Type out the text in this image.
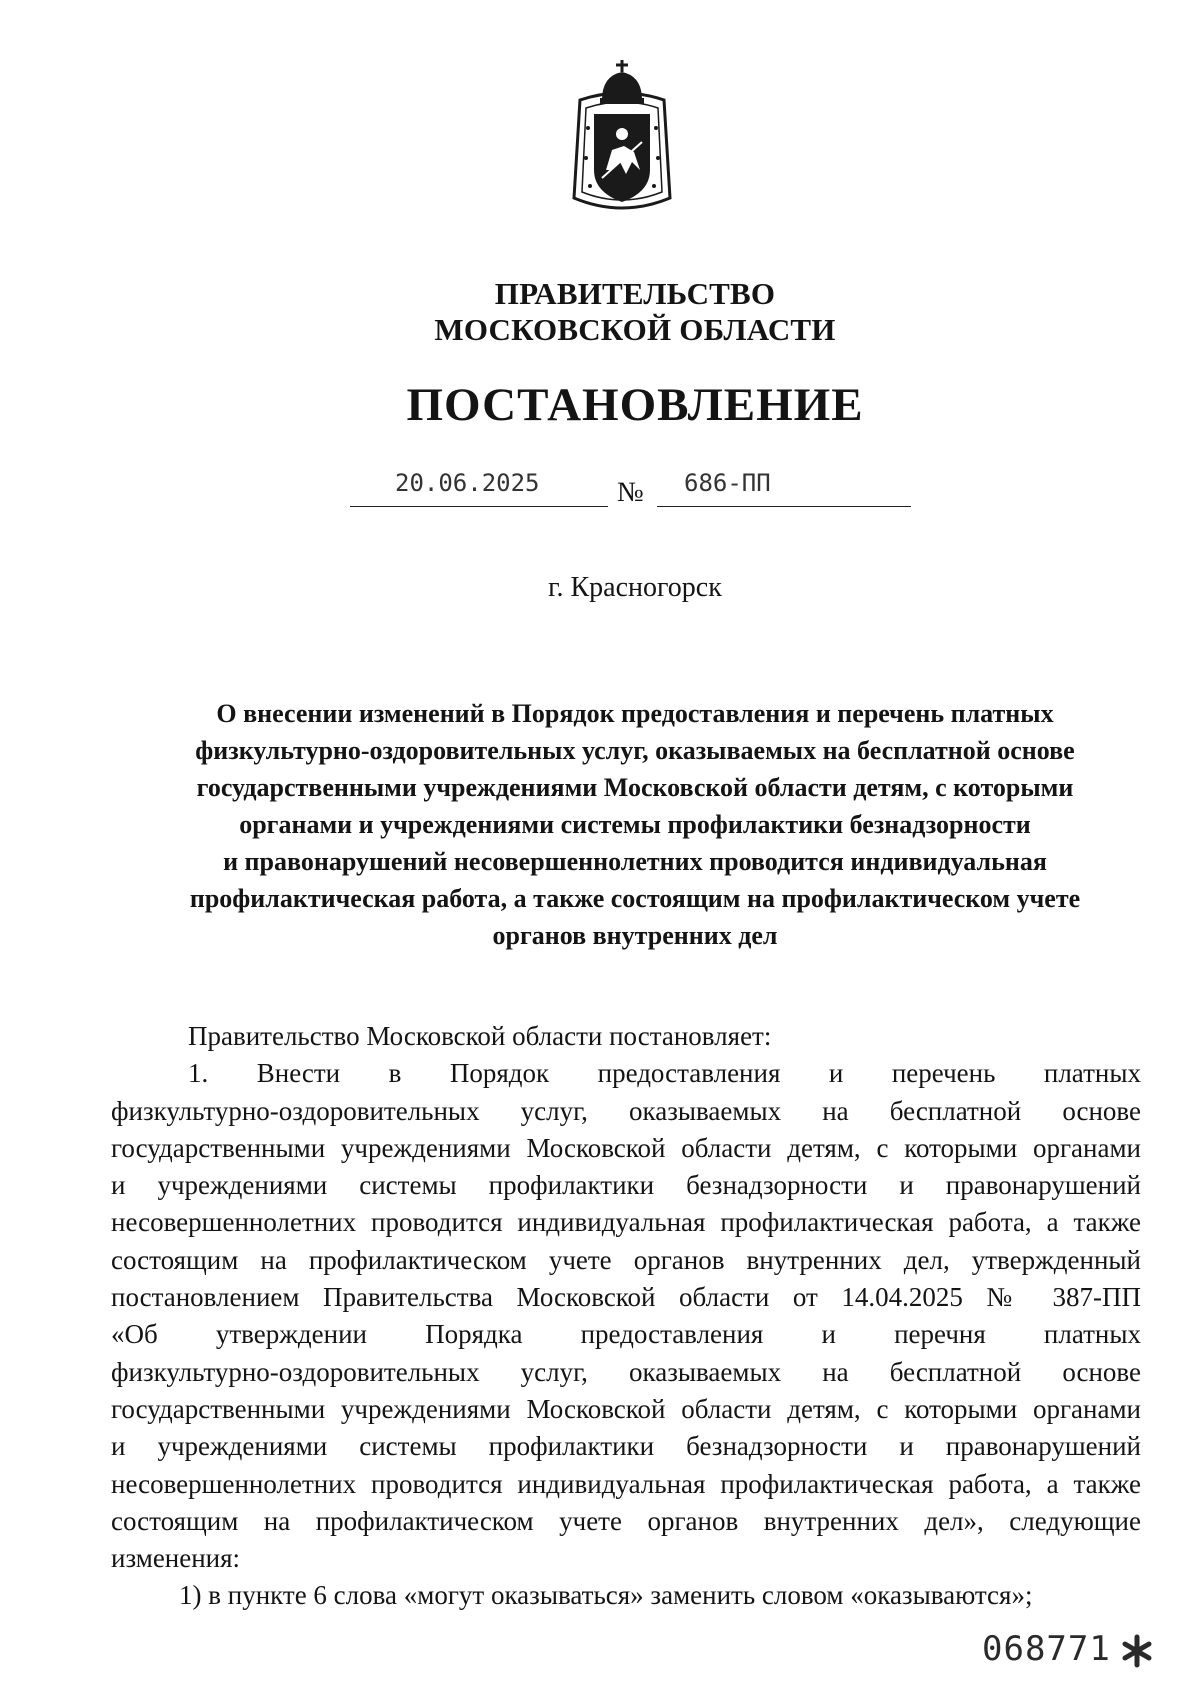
ПРАВИТЕЛЬСТВО
МОСКОВСКОЙ ОБЛАСТИ
ПОСТАНОВЛЕНИЕ
20.06.2025	№ 686-ПП
г. Красногорск
О внесении изменений в Порядок предоставления и перечень платных
физкультурно-оздоровительных услуг, оказываемых на бесплатной основе
государственными учреждениями Московской области детям, с которыми
органами и учреждениями системы профилактики безнадзорности
и правонарушений несовершеннолетних проводится индивидуальная
профилактическая работа, а также состоящим на профилактическом учете
органов внутренних дел
Правительство Московской области постановляет:
1. Внести в Порядок предоставления и перечень платных
физкультурно-оздоровительных услуг, оказываемых на бесплатной основе
государственными учреждениями Московской области детям, с которыми органами
и учреждениями системы профилактики безнадзорности и правонарушений
несовершеннолетних проводится индивидуальная профилактическая работа, а также
состоящим на профилактическом учете органов внутренних дел, утвержденный
постановлением Правительства Московской области от 14.04.2025 № 387-ПП
«Об утверждении Порядка предоставления и перечня платных
физкультурно-оздоровительных услуг, оказываемых на бесплатной основе
государственными учреждениями Московской области детям, с которыми органами
и учреждениями системы профилактики безнадзорности и правонарушений
несовершеннолетних проводится индивидуальная профилактическая работа, а также
состоящим на профилактическом учете органов внутренних дел», следующие
изменения:
1) в пункте 6 слова «могут оказываться» заменить словом «оказываются»;
068771
